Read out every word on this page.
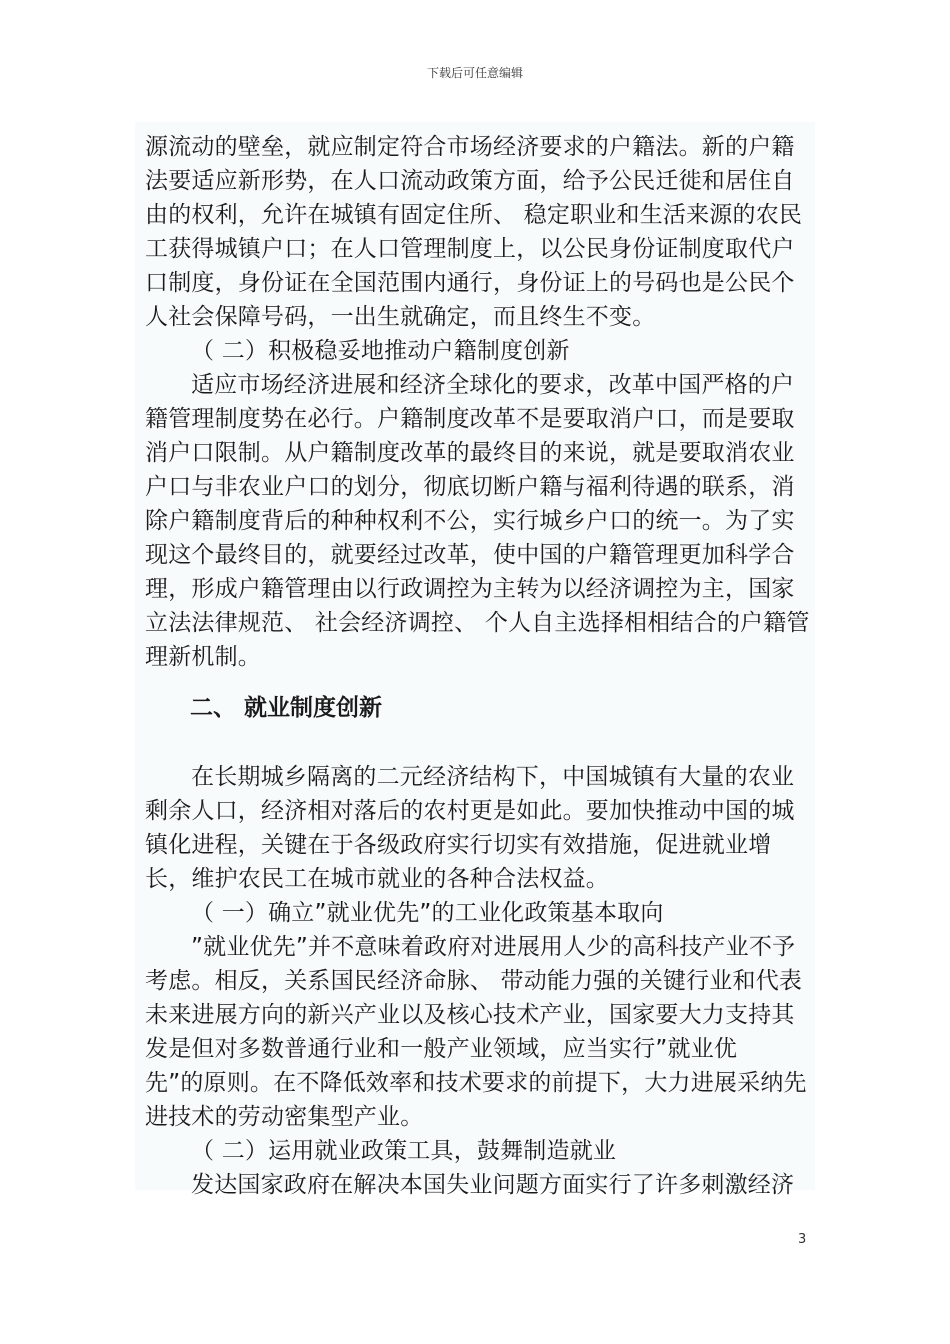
下载后可任意编辑
源流动的壁垒，就应制定符合市场经济要求的户籍法。新的户籍法要适应新形势，在人口流动政策方面，给予公民迁徙和居住自由的权利，允许在城镇有固定住所、 稳定职业和生活来源的农民工获得城镇户口；在人口管理制度上，以公民身份证制度取代户口制度，身份证在全国范围内通行，身份证上的号码也是公民个人社会保障号码，一出生就确定，而且终生不变。
（ 二）积极稳妥地推动户籍制度创新
适应市场经济进展和经济全球化的要求，改革中国严格的户籍管理制度势在必行。户籍制度改革不是要取消户口，而是要取消户口限制。从户籍制度改革的最终目的来说，就是要取消农业户口与非农业户口的划分，彻底切断户籍与福利待遇的联系，消除户籍制度背后的种种权利不公，实行城乡户口的统一。为了实现这个最终目的，就要经过改革，使中国的户籍管理更加科学合理，形成户籍管理由以行政调控为主转为以经济调控为主，国家立法法律规范、 社会经济调控、 个人自主选择相相结合的户籍管理新机制。
二、 就业制度创新
在长期城乡隔离的二元经济结构下，中国城镇有大量的农业剩余人口，经济相对落后的农村更是如此。要加快推动中国的城镇化进程，关键在于各级政府实行切实有效措施，促进就业增长，维护农民工在城市就业的各种合法权益。
（ 一）确立”就业优先”的工业化政策基本取向
”就业优先”并不意味着政府对进展用人少的高科技产业不予考虑。相反，关系国民经济命脉、 带动能力强的关键行业和代表未来进展方向的新兴产业以及核心技术产业，国家要大力支持其发是但对多数普通行业和一般产业领域，应当实行”就业优
先”的原则。在不降低效率和技术要求的前提下，大力进展采纳先进技术的劳动密集型产业。
（ 二）运用就业政策工具，鼓舞制造就业
发达国家政府在解决本国失业问题方面实行了许多刺激经济
3
